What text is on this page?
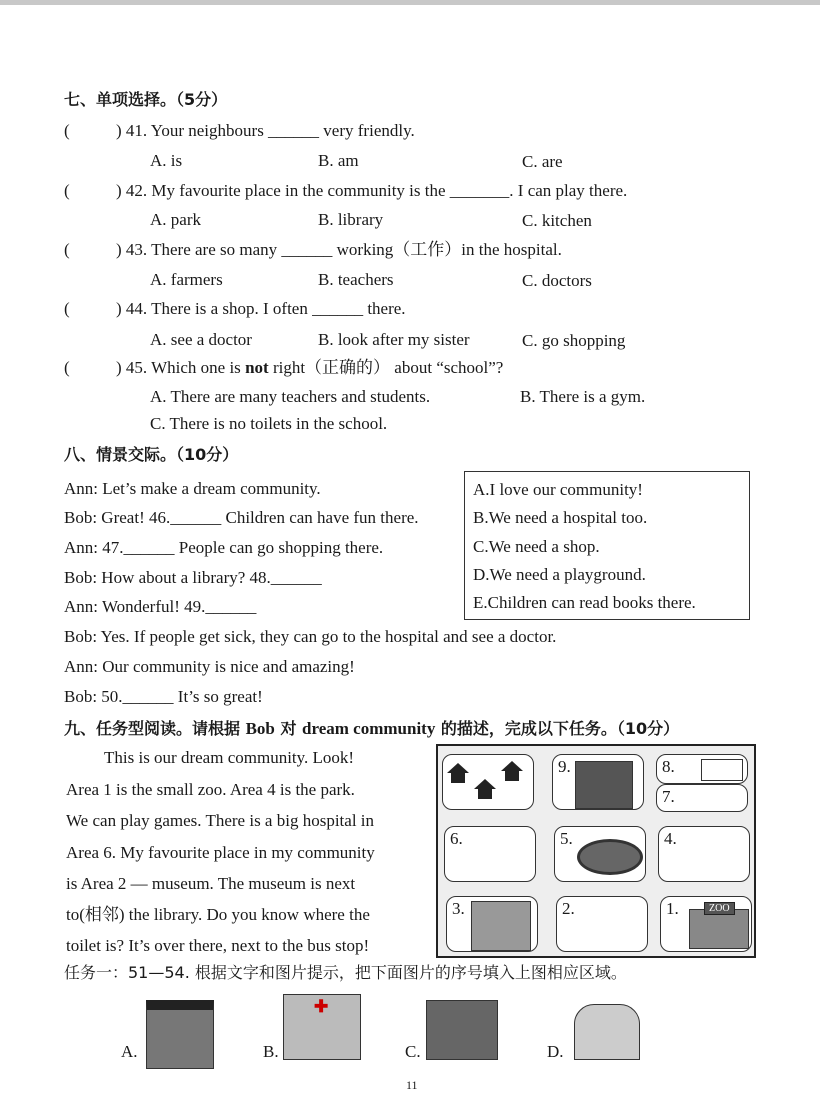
七、单项选择。（5分）
(	) 41. Your neighbours ______ very friendly.
A. is	B. am	C. are
(	) 42. My favourite place in the community is the _______. I can play there.
A. park	B. library	C. kitchen
(	) 43. There are so many ______ working（工作）in the hospital.
A. farmers	B. teachers	C. doctors
(	) 44. There is a shop. I often ______ there.
A. see a doctor	B. look after my sister	C. go shopping
(	) 45. Which one is not right（正确的） about “school”?
A. There are many teachers and students.	B. There is a gym.
C. There is no toilets in the school.
八、情景交际。（10分）
Ann: Let’s make a dream community.
Bob: Great! 46.______ Children can have fun there.
Ann: 47.______ People can go shopping there.
Bob: How about a library? 48.______
Ann: Wonderful! 49.______
Bob: Yes. If people get sick, they can go to the hospital and see a doctor.
Ann: Our community is nice and amazing!
Bob: 50.______ It’s so great!
A.I love our community!
B.We need a hospital too.
C.We need a shop.
D.We need a playground.
E.Children can read books there.
九、任务型阅读。请根据 Bob 对 dream community 的描述，完成以下任务。（10分）
This is our dream community. Look!
Area 1 is the small zoo. Area 4 is the park.
We can play games. There is a big hospital in
Area 6. My favourite place in my community
is Area 2 — museum. The museum is next
to(相邻) the library. Do you know where the
toilet is? It’s over there, next to the bus stop!
9.	8.
7.
6.	5.	4.
3.	2.	1.	ZOO
任务一：51—54. 根据文字和图片提示，把下面图片的序号填入上图相应区域。
A.	B.
✚
C.	D.
11
